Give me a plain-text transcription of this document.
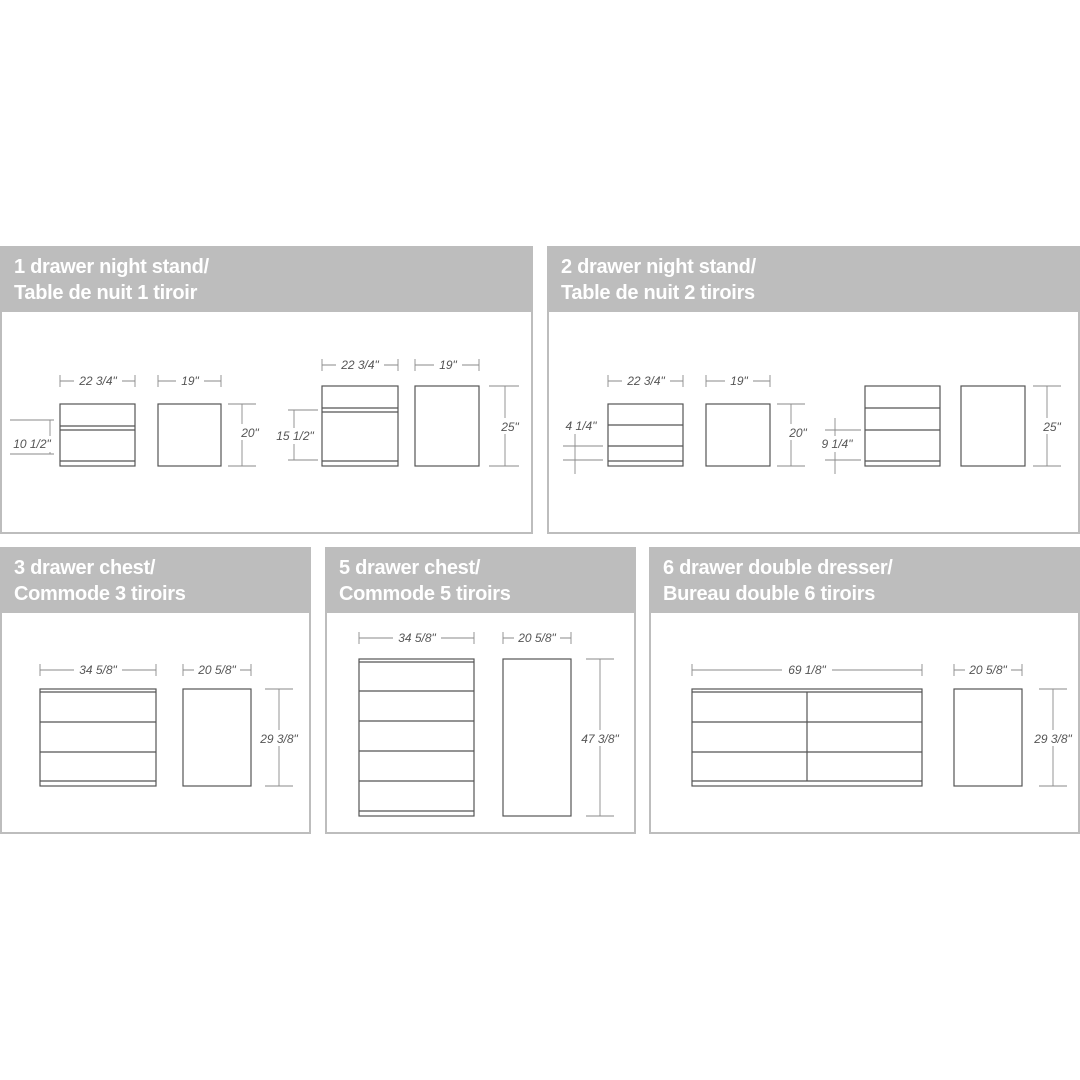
1 drawer night stand/
Table de nuit 1 tiroir
22 3/4"
10 1/2"
19"
20"
22 3/4"
15 1/2"
19"
25"
2 drawer night stand/
Table de nuit 2 tiroirs
22 3/4"
4 1/4"
19"
20"
9 1/4"
25"
3 drawer chest/
Commode 3 tiroirs
34 5/8"	20 5/8"
29 3/8"
5 drawer chest/
Commode 5 tiroirs
34 5/8"	20 5/8"
47 3/8"
6 drawer double dresser/
Bureau double 6 tiroirs
69 1/8"	20 5/8"
29 3/8"
